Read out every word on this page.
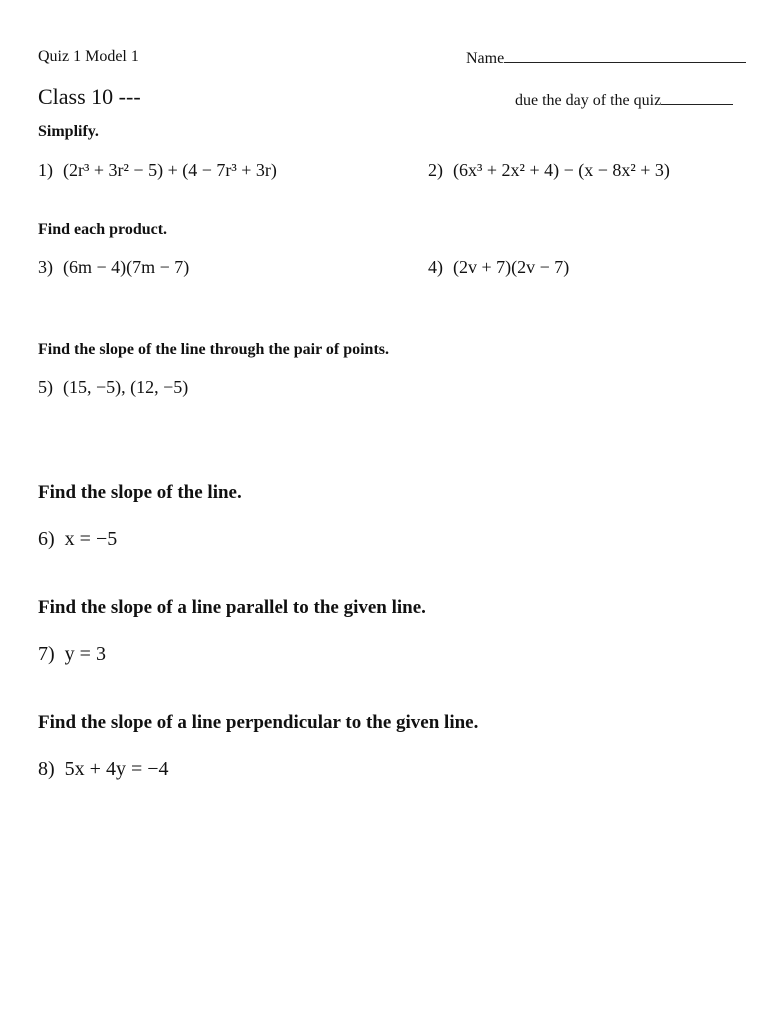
Quiz 1 Model 1	Name
Class 10 ---	due the day of the quiz
Simplify.
1) (2r³ + 3r² − 5) + (4 − 7r³ + 3r)	2) (6x³ + 2x² + 4) − (x − 8x² + 3)
Find each product.
3) (6m − 4)(7m − 7)	4) (2v + 7)(2v − 7)
Find the slope of the line through the pair of points.
5) (15, −5), (12, −5)
Find the slope of the line.
6) x = −5
Find the slope of a line parallel to the given line.
7) y = 3
Find the slope of a line perpendicular to the given line.
8) 5x + 4y = −4
